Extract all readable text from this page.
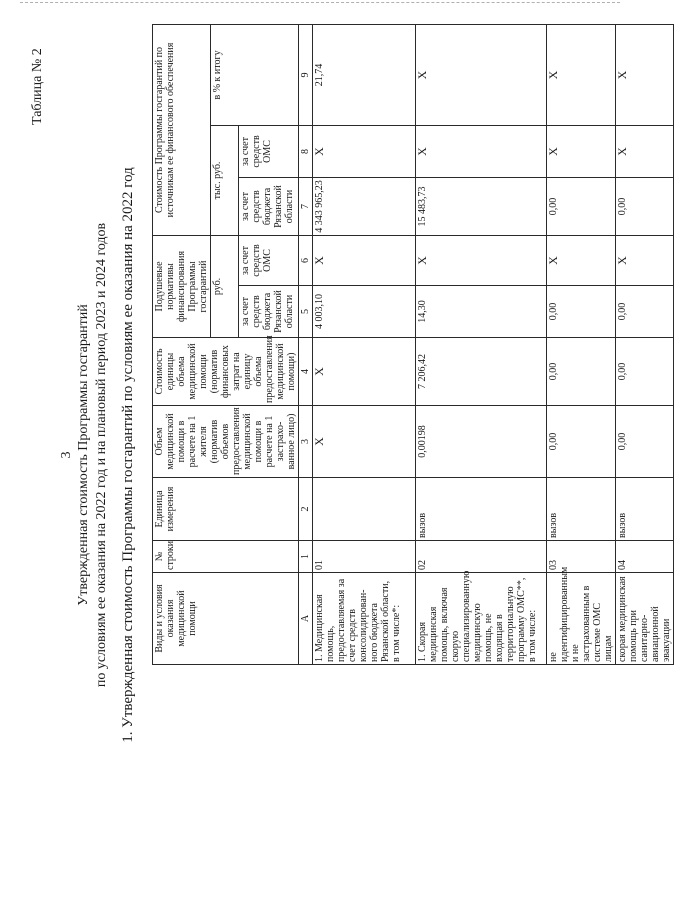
3
Таблица № 2
Утвержденная стоимость Программы госгарантий по условиям ее оказания на 2022 год и на плановый период 2023 и 2024 годов 1. Утвержденная стоимость Программы госгарантий по условиям ее оказания на 2022 год Виды и условия оказания медицинской помощи	№ строки	Единица измерения	Объем медицинской помощи в расчете на 1 жителя (норматив объемов предоставления медицинской помощи в расчете на 1 застрахо-ванное лицо)	Стоимость единицы объема медицинской помощи (норматив финансовых затрат на единицу объема предоставления медицинской помощи)	Подушевые нормативы финансирования Программы госгарантий		Стоимость Программы госгарантий по источникам ее финансового обеспечения		
					руб.		тыс. руб.		в % к итогу
					за счет средств бюджета Рязанской области	за счет средств ОМС	за счет средств бюджета Рязанской области	за счет средств ОМС	
А	1	2	3	4	5	6	7	8	9
1. Медицинская помощь, предоставляемая за счет средств консолидирован-ного бюджета Рязанской области, в том числе*:	01		Х	Х	4 003,10	Х	4 343 965,23	Х	21,74
1. Скорая медицинская помощь, включая скорую специализированную медицинскую помощь, не входящая в территориальную программу ОМС**, в том числе:	02	вызов	0,00198	7 206,42	14,30	Х	15 483,73	Х	Х
не идентифицированным и не застрахованным в системе ОМС лицам	03	вызов	0,00	0,00	0,00	Х	0,00	Х	Х
скорая медицинская помощь при санитарно-авиационной эвакуации	04	вызов	0,00	0,00	0,00	Х	0,00	Х	Х
